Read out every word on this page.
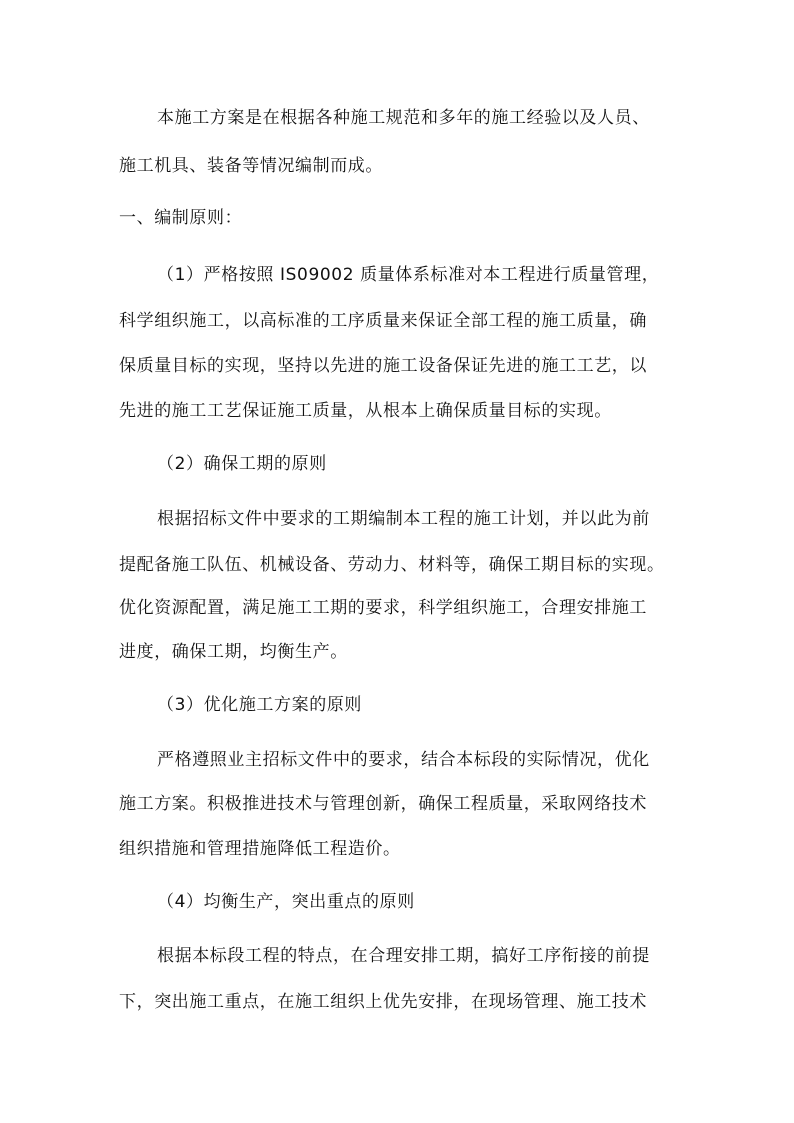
本施工方案是在根据各种施工规范和多年的施工经验以及人员、
施工机具、装备等情况编制而成。
一、编制原则：
（1）严格按照 IS09002 质量体系标准对本工程进行质量管理，
科学组织施工，以高标准的工序质量来保证全部工程的施工质量，确
保质量目标的实现，坚持以先进的施工设备保证先进的施工工艺，以
先进的施工工艺保证施工质量，从根本上确保质量目标的实现。
（2）确保工期的原则
根据招标文件中要求的工期编制本工程的施工计划，并以此为前
提配备施工队伍、机械设备、劳动力、材料等，确保工期目标的实现。
优化资源配置，满足施工工期的要求，科学组织施工，合理安排施工
进度，确保工期，均衡生产。
（3）优化施工方案的原则
严格遵照业主招标文件中的要求，结合本标段的实际情况，优化
施工方案。积极推进技术与管理创新，确保工程质量，采取网络技术
组织措施和管理措施降低工程造价。
（4）均衡生产，突出重点的原则
根据本标段工程的特点，在合理安排工期，搞好工序衔接的前提
下，突出施工重点，在施工组织上优先安排，在现场管理、施工技术
